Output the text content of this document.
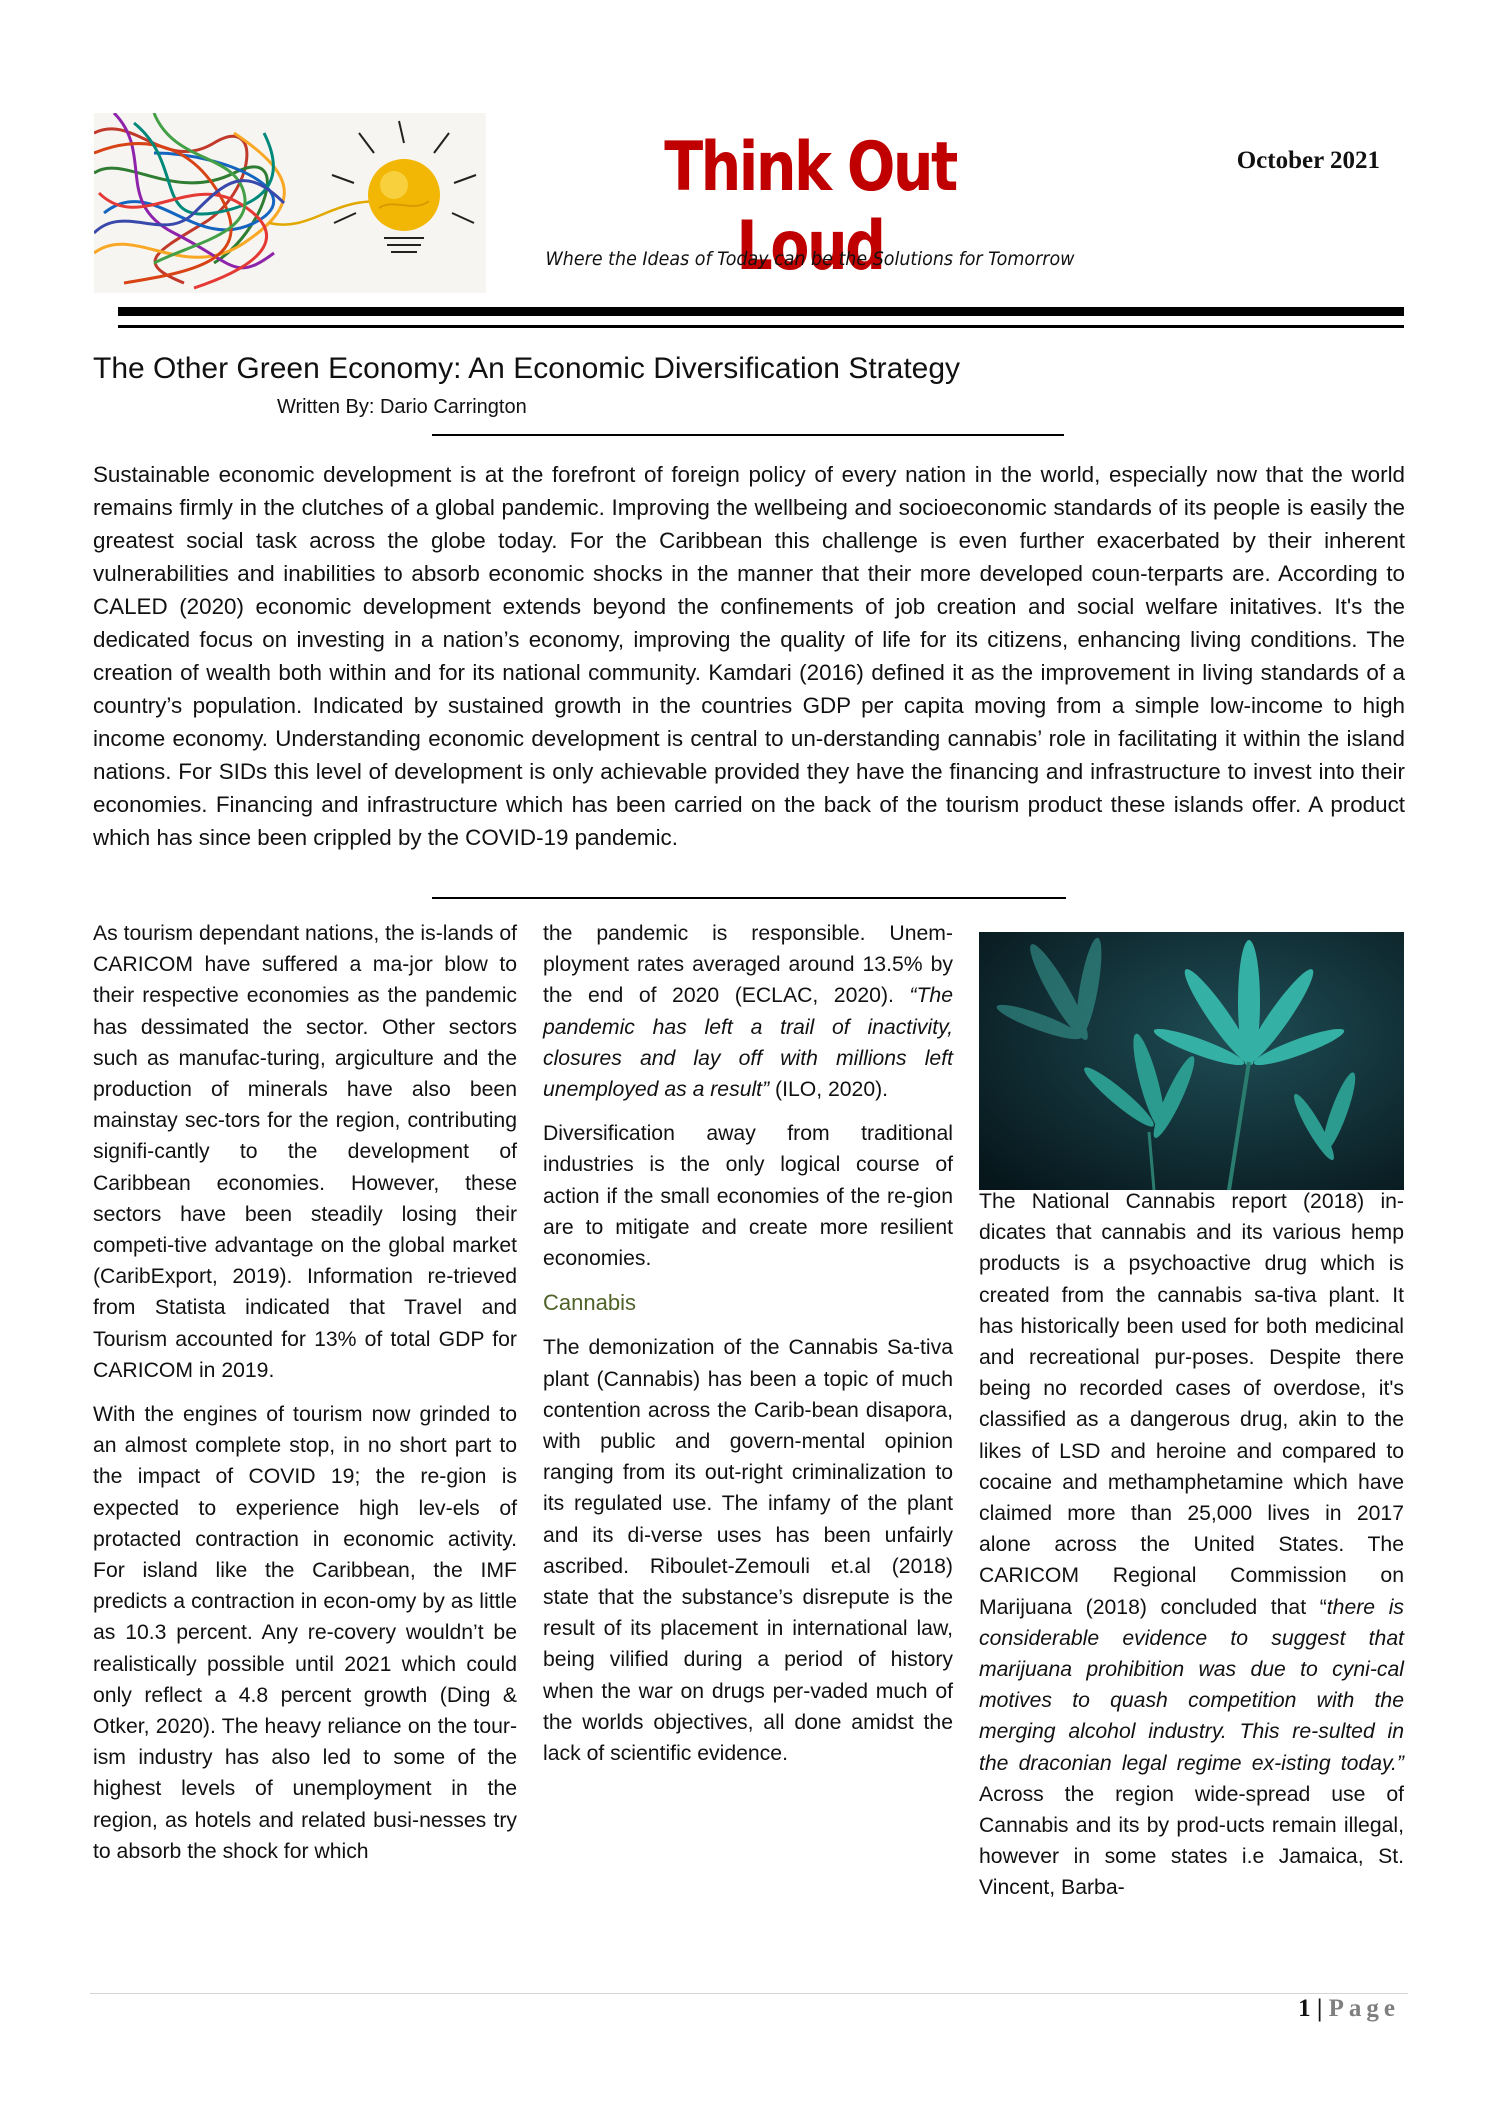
Think Out Loud
October 2021
Where the Ideas of Today can be the Solutions for Tomorrow
The Other Green Economy: An Economic Diversification Strategy
Written By: Dario Carrington

Sustainable economic development is at the forefront of foreign policy of every nation in the world, especially now that the world remains firmly in the clutches of a global pandemic. Improving the wellbeing and socioeconomic standards of its people is easily the greatest social task across the globe today. For the Caribbean this challenge is even further exacerbated by their inherent vulnerabilities and inabilities to absorb economic shocks in the manner that their more developed coun-terparts are. According to CALED (2020) economic development extends beyond the confinements of job creation and social welfare initatives. It's the dedicated focus on investing in a nation’s economy, improving the quality of life for its citizens, enhancing living conditions. The creation of wealth both within and for its national community. Kamdari (2016) defined it as the improvement in living standards of a country’s population. Indicated by sustained growth in the countries GDP per capita moving from a simple low-income to high income economy. Understanding economic development is central to un-derstanding cannabis’ role in facilitating it within the island nations. For SIDs this level of development is only achievable provided they have the financing and infrastructure to invest into their economies. Financing and infrastructure which has been carried on the back of the tourism product these islands offer. A product which has since been crippled by the COVID-19 pandemic.

As tourism dependant nations, the is-lands of CARICOM have suffered a ma-jor blow to their respective economies as the pandemic has dessimated the sector. Other sectors such as manufac-turing, argiculture and the production of minerals have also been mainstay sec-tors for the region, contributing signifi-cantly to the development of Caribbean economies. However, these sectors have been steadily losing their competi-tive advantage on the global market (CaribExport, 2019). Information re-trieved from Statista indicated that Travel and Tourism accounted for 13% of total GDP for CARICOM in 2019.

With the engines of tourism now grinded to an almost complete stop, in no short part to the impact of COVID 19; the re-gion is expected to experience high lev-els of protacted contraction in economic activity. For island like the Caribbean, the IMF predicts a contraction in econ-omy by as little as 10.3 percent. Any re-covery wouldn’t be realistically possible until 2021 which could only reflect a 4.8 percent growth (Ding & Otker, 2020). The heavy reliance on the tour-ism industry has also led to some of the highest levels of unemployment in the region, as hotels and related busi-nesses try to absorb the shock for which

the pandemic is responsible. Unem-ployment rates averaged around 13.5% by the end of 2020 (ECLAC, 2020). “The pandemic has left a trail of inactivity, closures and lay off with millions left unemployed as a result” (ILO, 2020).

Diversification away from traditional industries is the only logical course of action if the small economies of the re-gion are to mitigate and create more resilient economies.

Cannabis

The demonization of the Cannabis Sa-tiva plant (Cannabis) has been a topic of much contention across the Carib-bean disapora, with public and govern-mental opinion ranging from its out-right criminalization to its regulated use. The infamy of the plant and its di-verse uses has been unfairly ascribed. Riboulet-Zemouli et.al (2018) state that the substance’s disrepute is the result of its placement in international law, being vilified during a period of history when the war on drugs per-vaded much of the worlds objectives, all done amidst the lack of scientific evidence.

The National Cannabis report (2018) in-dicates that cannabis and its various hemp products is a psychoactive drug which is created from the cannabis sa-tiva plant. It has historically been used for both medicinal and recreational pur-poses. Despite there being no recorded cases of overdose, it's classified as a dangerous drug, akin to the likes of LSD and heroine and compared to cocaine and methamphetamine which have claimed more than 25,000 lives in 2017 alone across the United States. The CARICOM Regional Commission on Marijuana (2018) concluded that “there is considerable evidence to suggest that marijuana prohibition was due to cyni-cal motives to quash competition with the merging alcohol industry. This re-sulted in the draconian legal regime ex-isting today.” Across the region wide-spread use of Cannabis and its by prod-ucts remain illegal, however in some states i.e Jamaica, St. Vincent, Barba-

1 | Page
